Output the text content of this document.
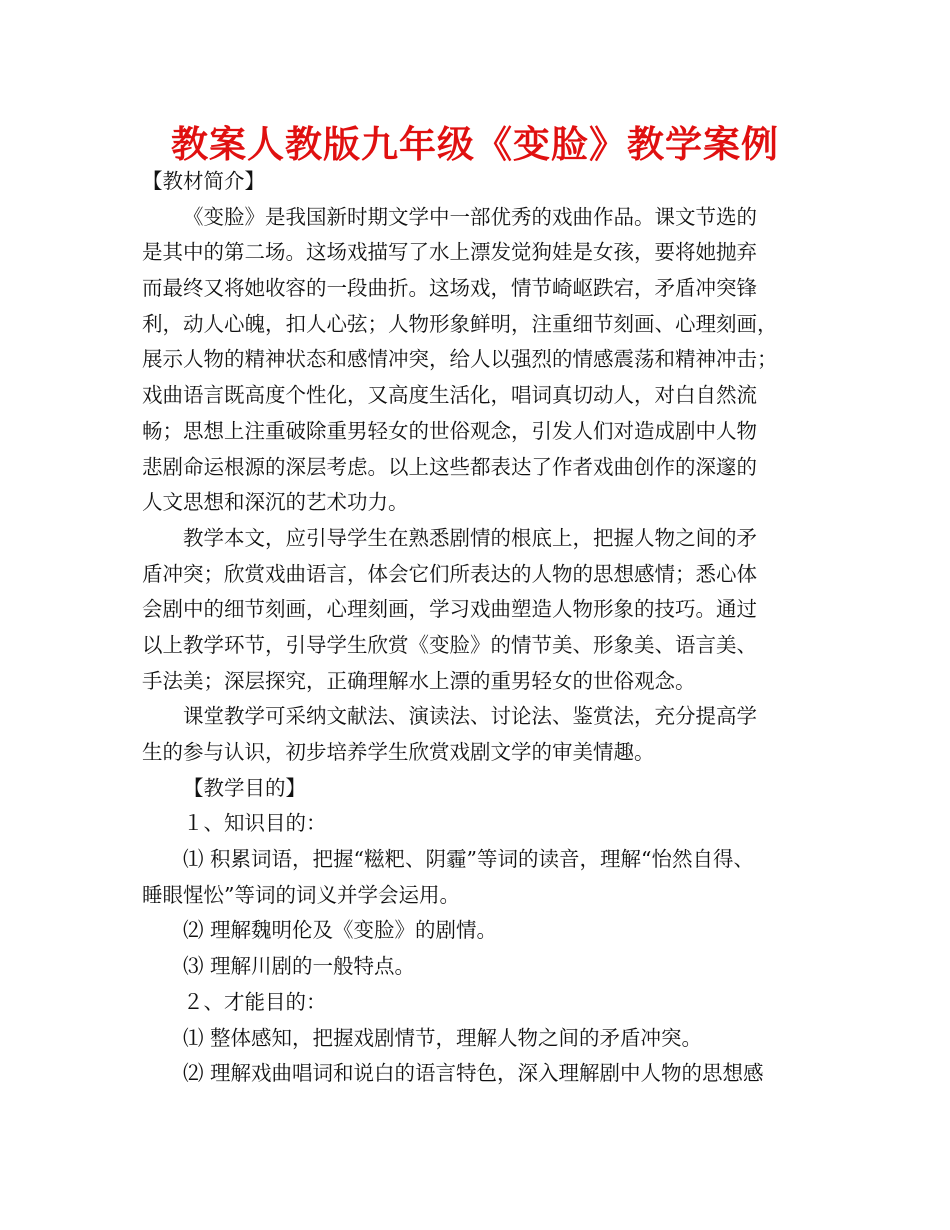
教案人教版九年级《变脸》教学案例
【教材简介】
《变脸》是我国新时期文学中一部优秀的戏曲作品。课文节选的
是其中的第二场。这场戏描写了水上漂发觉狗娃是女孩，要将她抛弃
而最终又将她收容的一段曲折。这场戏，情节崎岖跌宕，矛盾冲突锋
利，动人心魄，扣人心弦；人物形象鲜明，注重细节刻画、心理刻画，
展示人物的精神状态和感情冲突，给人以强烈的情感震荡和精神冲击；
戏曲语言既高度个性化，又高度生活化，唱词真切动人，对白自然流
畅；思想上注重破除重男轻女的世俗观念，引发人们对造成剧中人物
悲剧命运根源的深层考虑。以上这些都表达了作者戏曲创作的深邃的
人文思想和深沉的艺术功力。
教学本文，应引导学生在熟悉剧情的根底上，把握人物之间的矛
盾冲突；欣赏戏曲语言，体会它们所表达的人物的思想感情；悉心体
会剧中的细节刻画，心理刻画，学习戏曲塑造人物形象的技巧。通过
以上教学环节，引导学生欣赏《变脸》的情节美、形象美、语言美、
手法美；深层探究，正确理解水上漂的重男轻女的世俗观念。
课堂教学可采纳文献法、演读法、讨论法、鉴赏法，充分提高学
生的参与认识，初步培养学生欣赏戏剧文学的审美情趣。
【教学目的】
１、知识目的：
⑴ 积累词语，把握“糍粑、阴霾”等词的读音，理解“怡然自得、
睡眼惺忪”等词的词义并学会运用。
⑵ 理解魏明伦及《变脸》的剧情。
⑶ 理解川剧的一般特点。
２、才能目的：
⑴ 整体感知，把握戏剧情节，理解人物之间的矛盾冲突。
⑵ 理解戏曲唱词和说白的语言特色，深入理解剧中人物的思想感
